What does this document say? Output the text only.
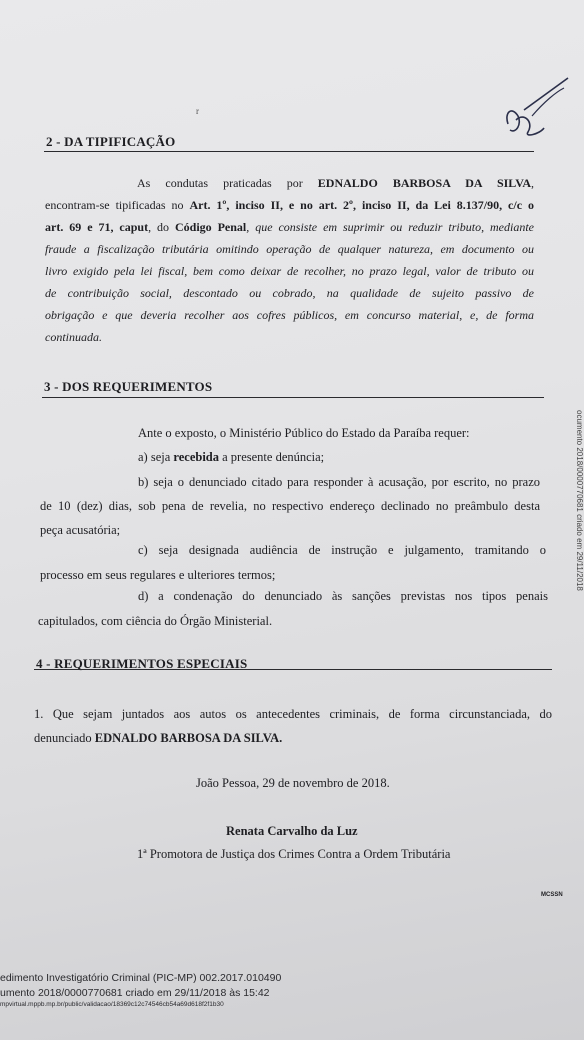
r
2 - DA TIPIFICAÇÃO
As condutas praticadas por EDNALDO BARBOSA DA SILVA,
encontram-se tipificadas no Art. 1º, inciso II, e no art. 2º, inciso II, da Lei 8.137/90, c/c o
art. 69 e 71, caput, do Código Penal, que consiste em suprimir ou reduzir tributo, mediante
fraude a fiscalização tributária omitindo operação de qualquer natureza, em documento ou
livro exigido pela lei fiscal, bem como deixar de recolher, no prazo legal, valor de tributo ou
de contribuição social, descontado ou cobrado, na qualidade de sujeito passivo de
obrigação e que deveria recolher aos cofres públicos, em concurso material, e, de forma
continuada.
3 - DOS REQUERIMENTOS
Ante o exposto, o Ministério Público do Estado da Paraíba requer:
a) seja recebida a presente denúncia;
b) seja o denunciado citado para responder à acusação, por escrito, no prazo
de 10 (dez) dias, sob pena de revelia, no respectivo endereço declinado no preâmbulo desta
peça acusatória;
c) seja designada audiência de instrução e julgamento, tramitando o
processo em seus regulares e ulteriores termos;
d) a condenação do denunciado às sanções previstas nos tipos penais
capitulados, com ciência do Órgão Ministerial.
4 - REQUERIMENTOS ESPECIAIS
1. Que sejam juntados aos autos os antecedentes criminais, de forma circunstanciada, do
denunciado EDNALDO BARBOSA DA SILVA.
João Pessoa, 29 de novembro de 2018.
Renata Carvalho da Luz
1ª Promotora de Justiça dos Crimes Contra a Ordem Tributária
MCSSN
ocumento 2018/0000770681 criado em 29/11/2018
edimento Investigatório Criminal (PIC-MP) 002.2017.010490
umento 2018/0000770681 criado em 29/11/2018 às 15:42
mpvirtual.mppb.mp.br/public/validacao/18369c12c74546cb54a69d618f2f1b30
